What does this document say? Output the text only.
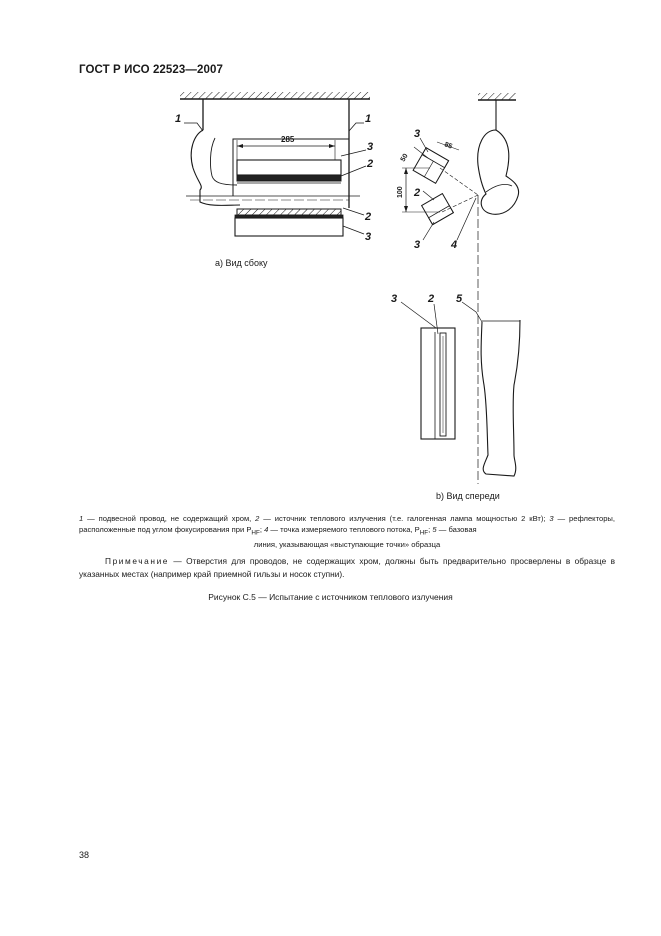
ГОСТ Р ИСО 22523—2007
1	1
3
2
2
3
285	3
2
3	4
100
50
85
3	2 5
а) Вид сбоку
b) Вид спереди
1 — подвесной провод, не содержащий хром, 2 — источник теплового излучения (т.е. галогенная лампа мощностью 2 кВт); 3 — рефлекторы, расположенные под углом фокусирования при $P_{HF}$; 4 — точка измеряемого теплового потока, $P_{HF}$; 5 — базовая
линия, указывающая «выступающие точки» образца
Примечание — Отверстия для проводов, не содержащих хром, должны быть предварительно просверлены в образце в указанных местах (например край приемной гильзы и носок ступни).
Рисунок С.5 — Испытание с источником теплового излучения
38
